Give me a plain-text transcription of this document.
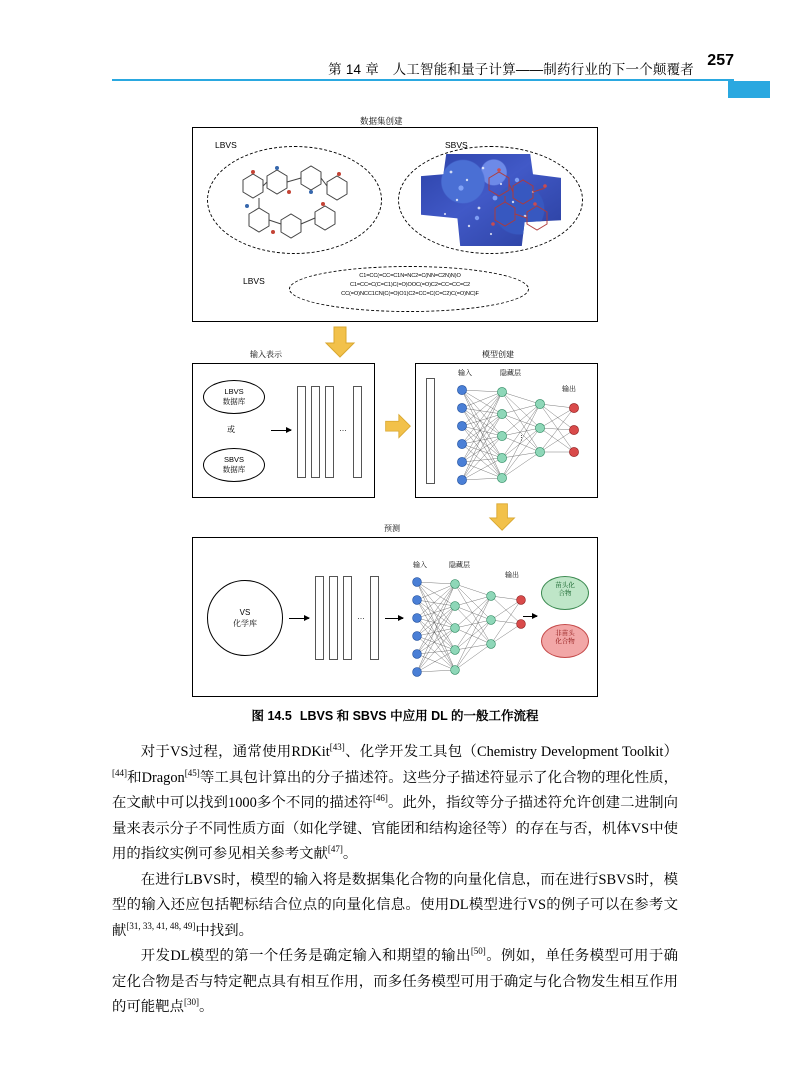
第 14 章　人工智能和量子计算——制药行业的下一个颠覆者
257
数据集创建
LBVS	SBVS
LBVS	C1=CC(=CC=C1N=NC2=C(NN=C2N)N)O
C1=CC=C(C=C1)C(=O)OOC(=O)C2=CC=CC=C2
CC(=O)NCC1CN(C(=O)O1)C2=CC=C(C=C2)C(=O)NC)F
输入表示
LBVS
数据库
或
SBVS
数据库
…
模型创建
输入	隐藏层
输出
⋮
预测
VS
化学库
…
输入	隐藏层
输出
苗头化
合物
非苗头
化合物
图 14.5 LBVS 和 SBVS 中应用 DL 的一般工作流程

对于VS过程，通常使用RDKit[43]、化学开发工具包（Chemistry Development Toolkit）[44]和Dragon[45]等工具包计算出的分子描述符。这些分子描述符显示了化合物的理化性质，在文献中可以找到1000多个不同的描述符[46]。此外，指纹等分子描述符允许创建二进制向量来表示分子不同性质方面（如化学键、官能团和结构途径等）的存在与否，机体VS中使用的指纹实例可参见相关参考文献[47]。

在进行LBVS时，模型的输入将是数据集化合物的向量化信息，而在进行SBVS时，模型的输入还应包括靶标结合位点的向量化信息。使用DL模型进行VS的例子可以在参考文献[31, 33, 41, 48, 49]中找到。

开发DL模型的第一个任务是确定输入和期望的输出[50]。例如，单任务模型可用于确定化合物是否与特定靶点具有相互作用，而多任务模型可用于确定与化合物发生相互作用的可能靶点[30]。
